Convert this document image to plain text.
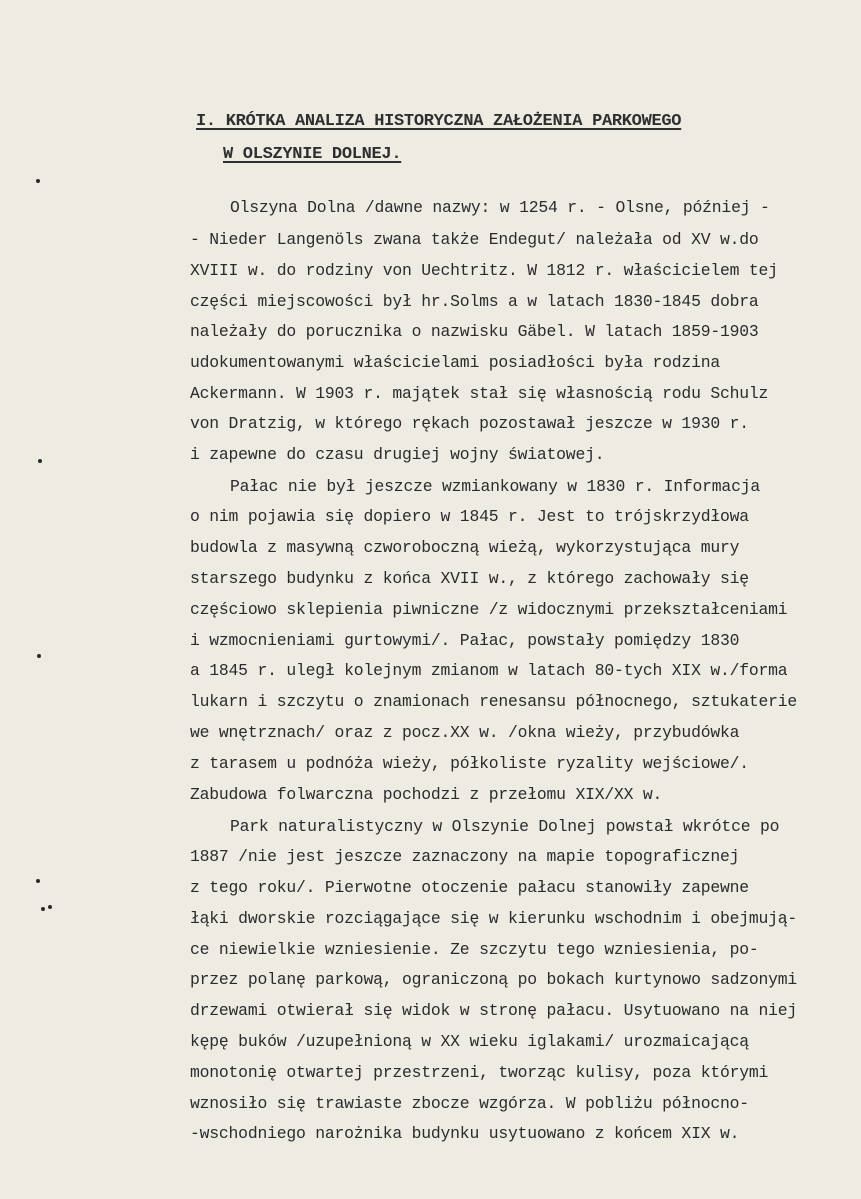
I. KRÓTKA ANALIZA HISTORYCZNA ZAŁOŻENIA PARKOWEGO
W OLSZYNIE DOLNEJ.
Olszyna Dolna /dawne nazwy: w 1254 r. - Olsne, później -
- Nieder Langenöls zwana także Endegut/ należała od XV w.do
XVIII w. do rodziny von Uechtritz. W 1812 r. właścicielem tej
części miejscowości był hr.Solms a w latach 1830-1845 dobra
należały do porucznika o nazwisku Gäbel. W latach 1859-1903
udokumentowanymi właścicielami posiadłości była rodzina
Ackermann. W 1903 r. majątek stał się własnością rodu Schulz
von Dratzig, w którego rękach pozostawał jeszcze w 1930 r.
i zapewne do czasu drugiej wojny światowej.
Pałac nie był jeszcze wzmiankowany w 1830 r. Informacja
o nim pojawia się dopiero w 1845 r. Jest to trójskrzydłowa
budowla z masywną czworoboczną wieżą, wykorzystująca mury
starszego budynku z końca XVII w., z którego zachowały się
częściowo sklepienia piwniczne /z widocznymi przekształceniami
i wzmocnieniami gurtowymi/. Pałac, powstały pomiędzy 1830
a 1845 r. uległ kolejnym zmianom w latach 80-tych XIX w./forma
lukarn i szczytu o znamionach renesansu północnego, sztukaterie
we wnętrznach/ oraz z pocz.XX w. /okna wieży, przybudówka
z tarasem u podnóża wieży, półkoliste ryzality wejściowe/.
Zabudowa folwarczna pochodzi z przełomu XIX/XX w.
Park naturalistyczny w Olszynie Dolnej powstał wkrótce po
1887 /nie jest jeszcze zaznaczony na mapie topograficznej
z tego roku/. Pierwotne otoczenie pałacu stanowiły zapewne
łąki dworskie rozciągające się w kierunku wschodnim i obejmują-
ce niewielkie wzniesienie. Ze szczytu tego wzniesienia, po-
przez polanę parkową, ograniczoną po bokach kurtynowo sadzonymi
drzewami otwierał się widok w stronę pałacu. Usytuowano na niej
kępę buków /uzupełnioną w XX wieku iglakami/ urozmaicającą
monotonię otwartej przestrzeni, tworząc kulisy, poza którymi
wznosiło się trawiaste zbocze wzgórza. W pobliżu północno-
-wschodniego narożnika budynku usytuowano z końcem XIX w.
